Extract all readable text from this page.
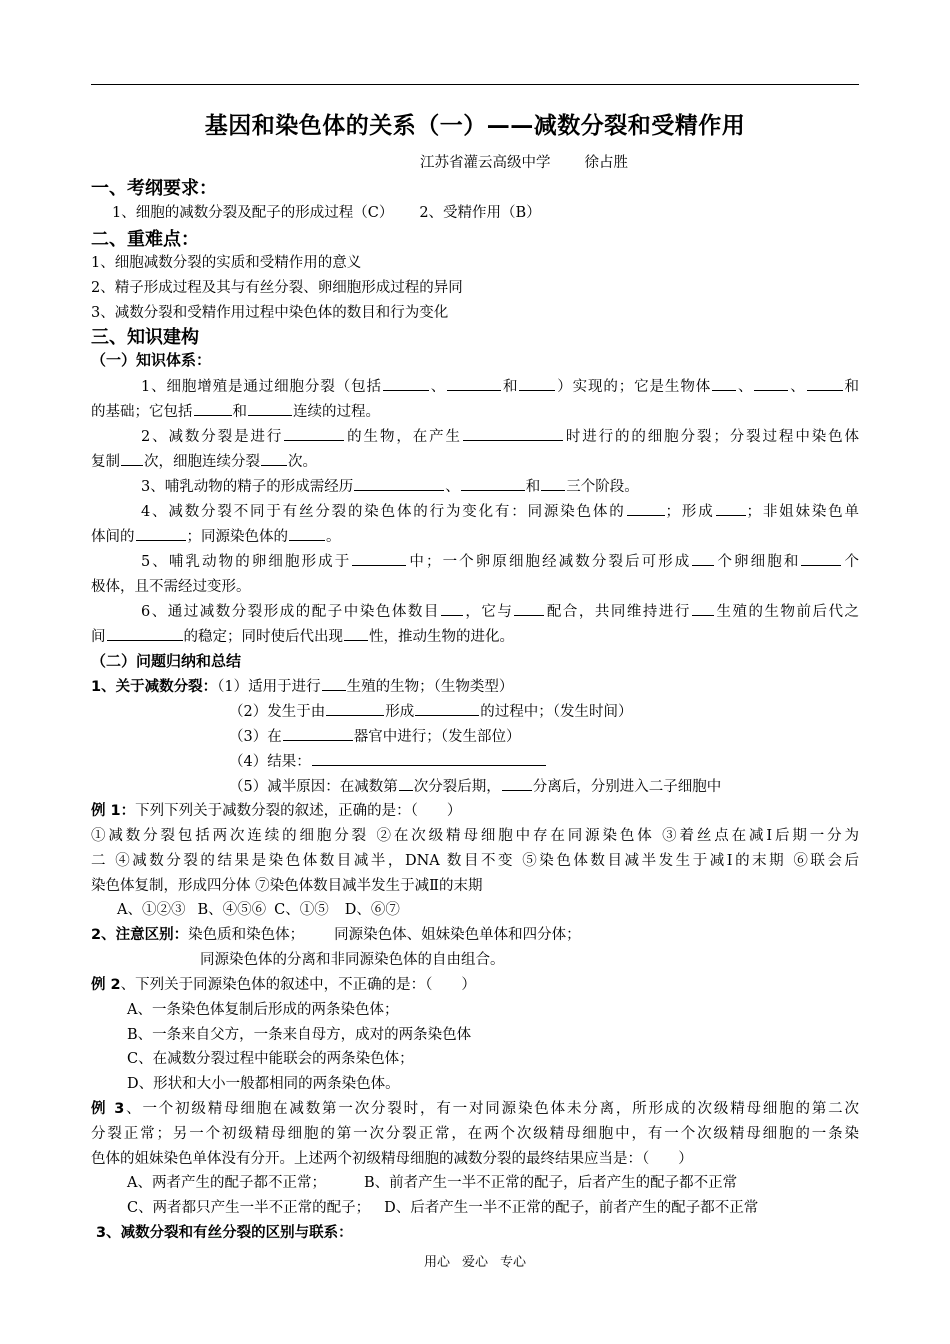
基因和染色体的关系（一）——减数分裂和受精作用
江苏省灌云高级中学 徐占胜
一、考纲要求：
1、细胞的减数分裂及配子的形成过程（C） 2、受精作用（B）
二、重难点：
1、细胞减数分裂的实质和受精作用的意义
2、精子形成过程及其与有丝分裂、卵细胞形成过程的异同
3、减数分裂和受精作用过程中染色体的数目和行为变化
三、知识建构
（一）知识体系：
1、细胞增殖是通过细胞分裂（包括	、	和	）实现的；它是生物体 、 、	和
的基础；它包括	和	连续的过程。
2、减数分裂是进行	的生物，在产生	时进行的的细胞分裂；分裂过程中染色体
复制 次，细胞连续分裂 次。
3、哺乳动物的精子的形成需经历	、	和 三个阶段。
4、减数分裂不同于有丝分裂的染色体的行为变化有：同源染色体的	；形成 ；非姐妹染色单
体间的	；同源染色体的	。
5、哺乳动物的卵细胞形成于	中；一个卵原细胞经减数分裂后可形成 个卵细胞和	个
极体，且不需经过变形。
6、通过减数分裂形成的配子中染色体数目 ，它与 配合，共同维持进行 生殖的生物前后代之
间	的稳定；同时使后代出现 性，推动生物的进化。
（二）问题归纳和总结
1、关于减数分裂：（1）适用于进行 生殖的生物；（生物类型）
（2）发生于由	形成	的过程中；（发生时间）
（3）在	器官中进行；（发生部位）
（4）结果：
（5）减半原因：在减数第 次分裂后期， 分离后，分别进入二子细胞中
例 1：下列下列关于减数分裂的叙述，正确的是：（　　）
①减数分裂包括两次连续的细胞分裂 ②在次级精母细胞中存在同源染色体 ③着丝点在减Ⅰ后期一分为
二 ④减数分裂的结果是染色体数目减半，DNA 数目不变 ⑤染色体数目减半发生于减Ⅰ的末期 ⑥联会后
染色体复制，形成四分体 ⑦染色体数目减半发生于减Ⅱ的末期
A、①②③ B、④⑤⑥ C、①⑤ D、⑥⑦
2、注意区别：染色质和染色体； 同源染色体、姐妹染色单体和四分体；
同源染色体的分离和非同源染色体的自由组合。
例 2、下列关于同源染色体的叙述中，不正确的是：（　　）
A、一条染色体复制后形成的两条染色体；
B、一条来自父方，一条来自母方，成对的两条染色体
C、在减数分裂过程中能联会的两条染色体；
D、形状和大小一般都相同的两条染色体。
例 3、一个初级精母细胞在减数第一次分裂时，有一对同源染色体未分离，所形成的次级精母细胞的第二次
分裂正常；另一个初级精母细胞的第一次分裂正常，在两个次级精母细胞中，有一个次级精母细胞的一条染
色体的姐妹染色单体没有分开。上述两个初级精母细胞的减数分裂的最终结果应当是：（　　）
A、两者产生的配子都不正常；	B、前者产生一半不正常的配子，后者产生的配子都不正常
C、两者都只产生一半不正常的配子； D、后者产生一半不正常的配子，前者产生的配子都不正常
3、减数分裂和有丝分裂的区别与联系：
用心 爱心 专心
